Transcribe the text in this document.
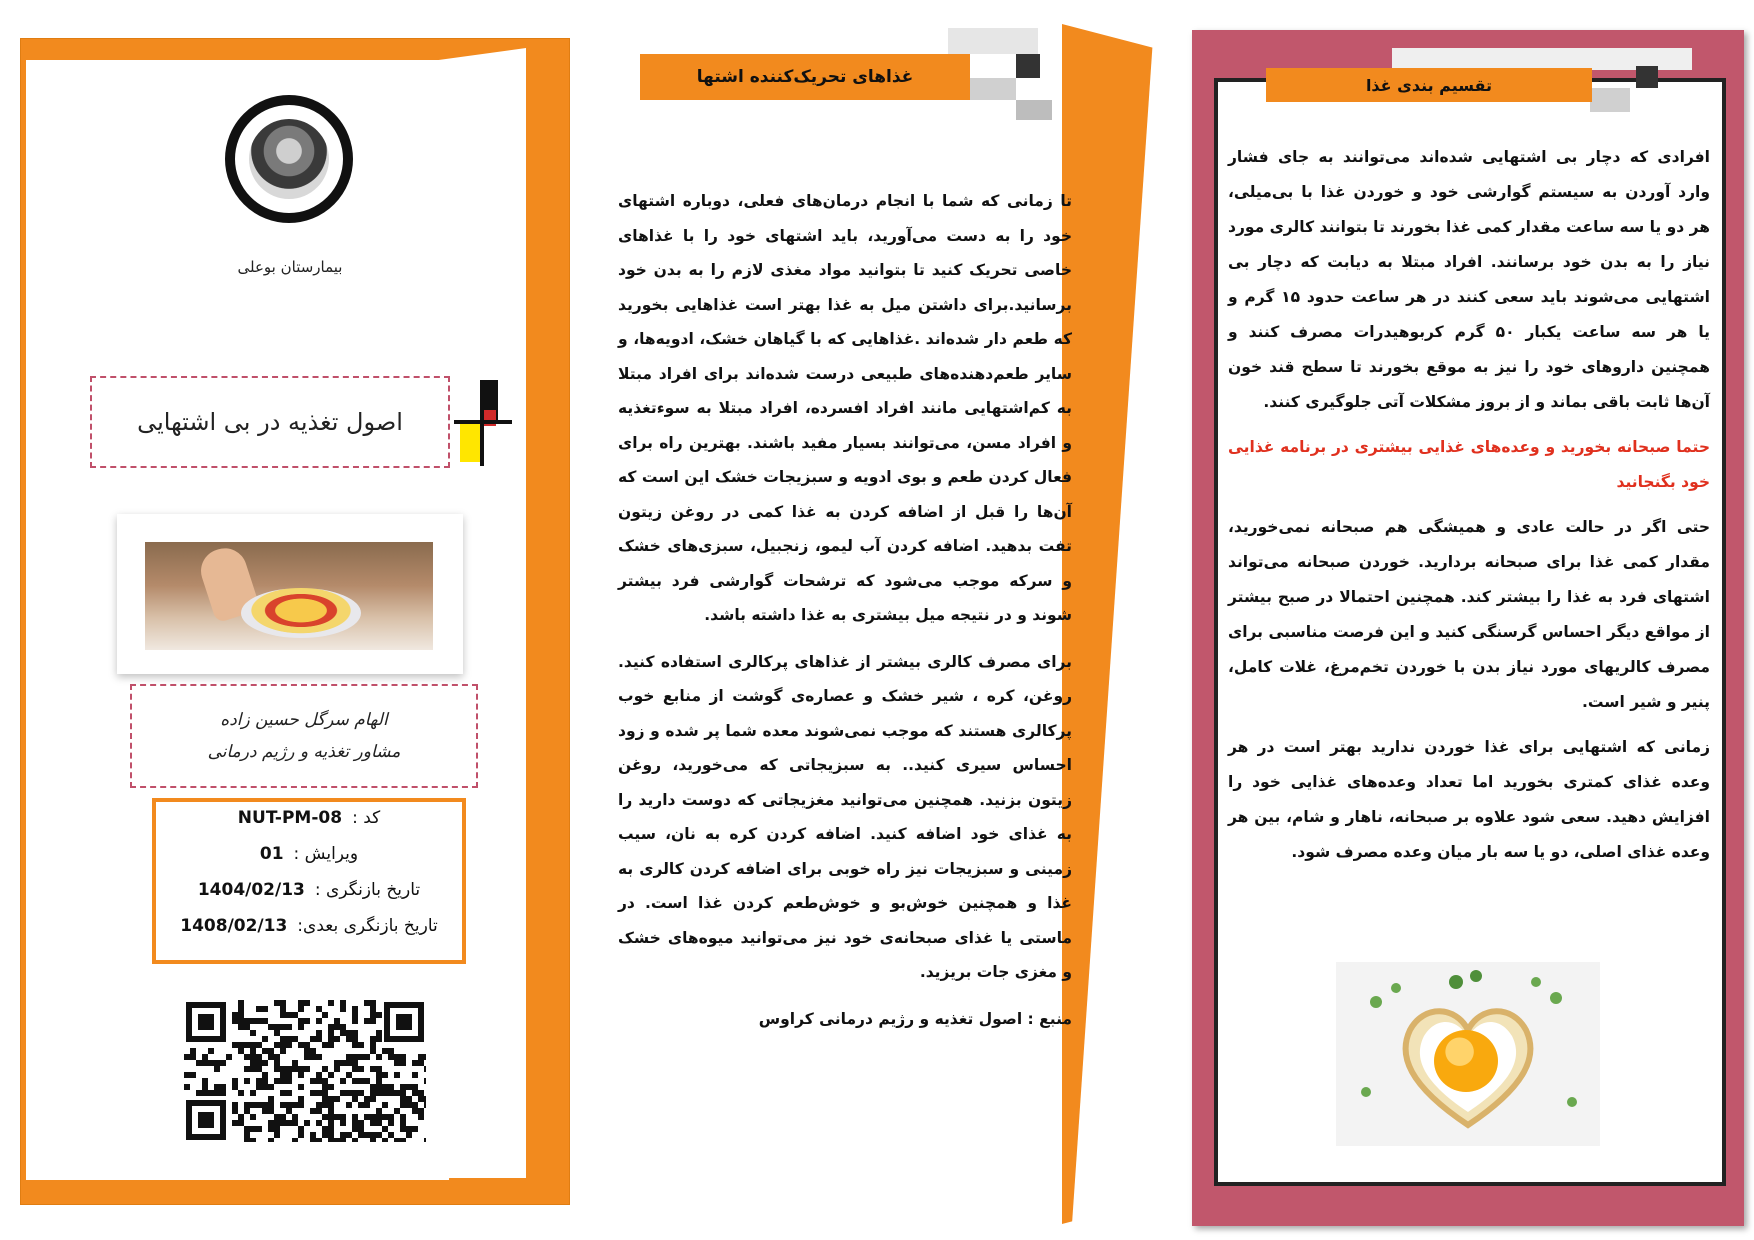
بیمارستان بوعلی
اصول تغذیه در بی اشتهایی
الهام سرگل حسین زاده
مشاور تغذیه و رژیم درمانی
کد :
NUT-PM-08
ویرایش :
01
تاریخ بازنگری :
1404/02/13
تاریخ بازنگری بعدی:
1408/02/13
غذاهای تحریک‌کننده اشتها

تا زمانی که شما با انجام درمان‌های فعلی، دوباره اشتهای خود را به دست می‌آورید، باید اشتهای خود را با غذاهای خاصی تحریک کنید تا بتوانید مواد مغذی لازم را به بدن خود برسانید.برای داشتن میل به غذا بهتر است غذاهایی بخورید که طعم دار شده‌اند .غذاهایی که با گیاهان خشک، ادویه‌ها، و سایر طعم‌دهنده‌های طبیعی درست شده‌اند برای افراد مبتلا به کم‌اشتهایی مانند افراد افسرده، افراد مبتلا به سوءتغذیه و افراد مسن، می‌توانند بسیار مفید باشند. بهترین راه برای فعال کردن طعم و بوی ادویه و سبزیجات خشک این است که آن‌ها را قبل از اضافه کردن به غذا کمی در روغن زیتون تفت بدهید. اضافه کردن آب لیمو، زنجبیل، سبزی‌های خشک و سرکه موجب می‌شود که ترشحات گوارشی فرد بیشتر شوند و در نتیجه میل بیشتری به غذا داشته باشد.

برای مصرف کالری بیشتر از غذاهای پرکالری استفاده کنید. روغن، کره ، شیر خشک و عصاره‌ی گوشت از منابع خوب پرکالری هستند که موجب نمی‌شوند معده شما پر شده و زود احساس سیری کنید.. به سبزیجاتی که می‌خورید، روغن زیتون بزنید. همچنین می‌توانید مغزیجاتی که دوست دارید را به غذای خود اضافه کنید. اضافه کردن کره به نان، سیب زمینی و سبزیجات نیز راه خوبی برای اضافه کردن کالری به غذا و همچنین خوش‌بو و خوش‌طعم کردن غذا است. در ماستی یا غذای صبحانه‌ی خود نیز می‌توانید میوه‌های خشک و مغزی جات بریزید.

منبع : اصول تغذیه و رژیم درمانی کراوس

تقسیم بندی غذا

افرادی که دچار بی اشتهایی شده‌اند می‌توانند به جای فشار وارد آوردن به سیستم گوارشی خود و خوردن غذا با بی‌میلی، هر دو یا سه ساعت مقدار کمی غذا بخورند تا بتوانند کالری مورد نیاز را به بدن خود برسانند. افراد مبتلا به دیابت که دچار بی اشتهایی می‌شوند باید سعی کنند در هر ساعت حدود ۱۵ گرم و یا هر سه ساعت یکبار ۵۰ گرم کربوهیدرات مصرف کنند و همچنین داروهای خود را نیز به موقع بخورند تا سطح قند خون آن‌ها ثابت باقی بماند و از بروز مشکلات آتی جلوگیری کنند.

حتما صبحانه بخورید و وعده‌های غذایی بیشتری در برنامه غذایی خود بگنجانید

حتی اگر در حالت عادی و همیشگی هم صبحانه نمی‌خورید، مقدار کمی غذا برای صبحانه بردارید. خوردن صبحانه می‌تواند اشتهای فرد به غذا را بیشتر کند. همچنین احتمالا در صبح بیشتر از مواقع دیگر احساس گرسنگی کنید و این فرصت مناسبی برای مصرف کالریهای مورد نیاز بدن با خوردن تخم‌مرغ، غلات کامل، پنیر و شیر است.

زمانی که اشتهایی برای غذا خوردن ندارید بهتر است در هر وعده غذای کمتری بخورید اما تعداد وعده‌های غذایی خود را افزایش دهید. سعی شود علاوه بر صبحانه، ناهار و شام، بین هر وعده غذای اصلی، دو یا سه بار میان وعده مصرف شود.
